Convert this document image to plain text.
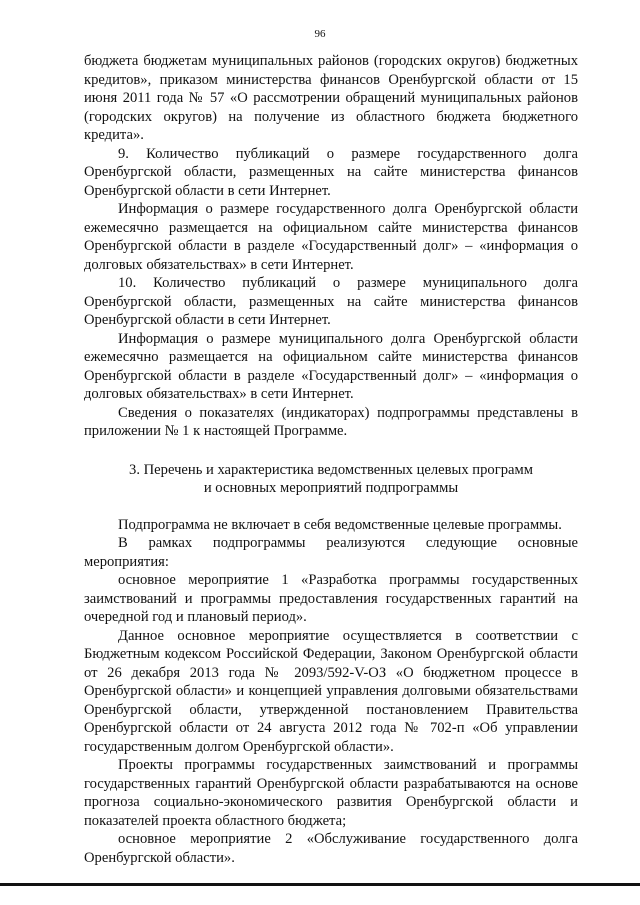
96

бюджета бюджетам муниципальных районов (городских округов) бюджетных кредитов», приказом министерства финансов Оренбургской области от 15 июня 2011 года № 57 «О рассмотрении обращений муниципальных районов (городских округов) на получение из областного бюджета бюджетного кредита».

9. Количество публикаций о размере государственного долга Оренбургской области, размещенных на сайте министерства финансов Оренбургской области в сети Интернет.

Информация о размере государственного долга Оренбургской области ежемесячно размещается на официальном сайте министерства финансов Оренбургской области в разделе «Государственный долг» – «информация о долговых обязательствах» в сети Интернет.

10. Количество публикаций о размере муниципального долга Оренбургской области, размещенных на сайте министерства финансов Оренбургской области в сети Интернет.

Информация о размере муниципального долга Оренбургской области ежемесячно размещается на официальном сайте министерства финансов Оренбургской области в разделе «Государственный долг» – «информация о долговых обязательствах» в сети Интернет.

Сведения о показателях (индикаторах) подпрограммы представлены в приложении № 1 к настоящей Программе.

3. Перечень и характеристика ведомственных целевых программ
и основных мероприятий подпрограммы

Подпрограмма не включает в себя ведомственные целевые программы.

В рамках подпрограммы реализуются следующие основные мероприятия:

основное мероприятие 1 «Разработка программы государственных заимствований и программы предоставления государственных гарантий на очередной год и плановый период».

Данное основное мероприятие осуществляется в соответствии с Бюджетным кодексом Российской Федерации, Законом Оренбургской области от 26 декабря 2013 года № 2093/592-V-ОЗ «О бюджетном процессе в Оренбургской области» и концепцией управления долговыми обязательствами Оренбургской области, утвержденной постановлением Правительства Оренбургской области от 24 августа 2012 года № 702-п «Об управлении государственным долгом Оренбургской области».

Проекты программы государственных заимствований и программы государственных гарантий Оренбургской области разрабатываются на основе прогноза социально-экономического развития Оренбургской области и показателей проекта областного бюджета;

основное мероприятие 2 «Обслуживание государственного долга Оренбургской области».
